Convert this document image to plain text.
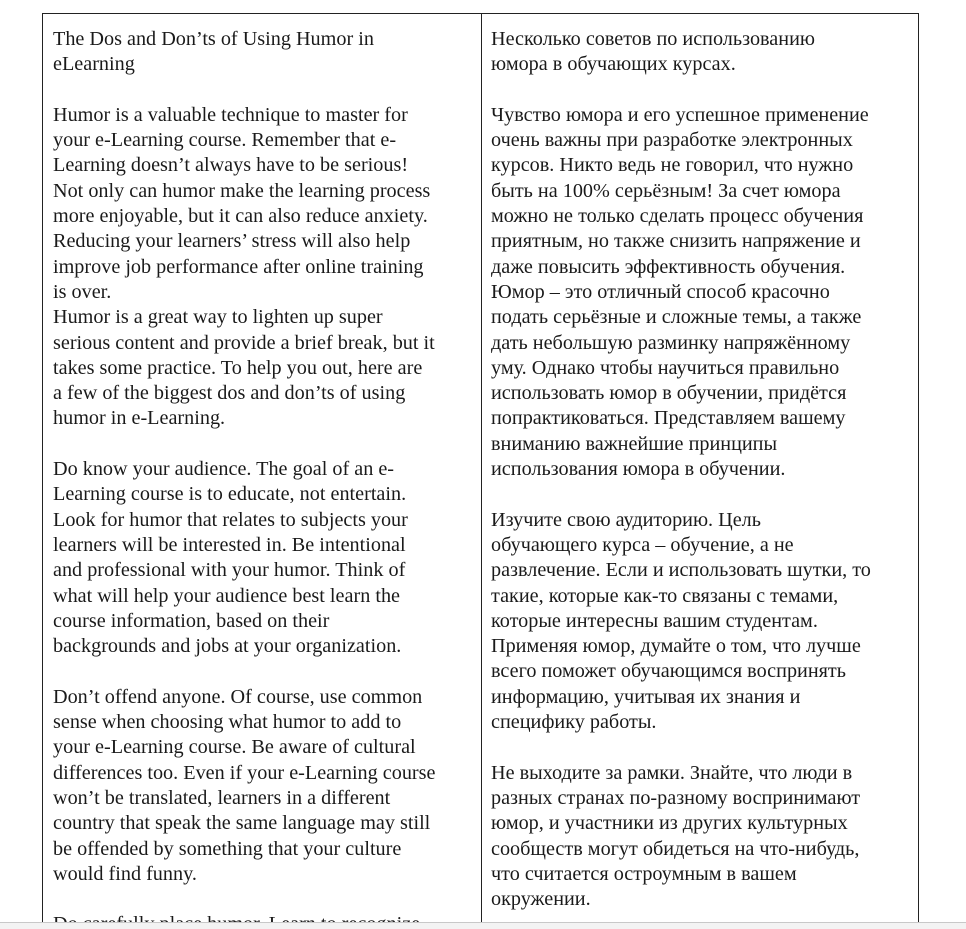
The Dos and Don’ts of Using Humor in
eLearning
Humor is a valuable technique to master for
your e-Learning course. Remember that e-
Learning doesn’t always have to be serious!
Not only can humor make the learning process
more enjoyable, but it can also reduce anxiety.
Reducing your learners’ stress will also help
improve job performance after online training
is over.
Humor is a great way to lighten up super
serious content and provide a brief break, but it
takes some practice. To help you out, here are
a few of the biggest dos and don’ts of using
humor in e-Learning.
Do know your audience. The goal of an e-
Learning course is to educate, not entertain.
Look for humor that relates to subjects your
learners will be interested in. Be intentional
and professional with your humor. Think of
what will help your audience best learn the
course information, based on their
backgrounds and jobs at your organization.
Don’t offend anyone. Of course, use common
sense when choosing what humor to add to
your e-Learning course. Be aware of cultural
differences too. Even if your e-Learning course
won’t be translated, learners in a different
country that speak the same language may still
be offended by something that your culture
would find funny.
Несколько советов по использованию
юмора в обучающих курсах.
Чувство юмора и его успешное применение
очень важны при разработке электронных
курсов. Никто ведь не говорил, что нужно
быть на 100% серьёзным! За счет юмора
можно не только сделать процесс обучения
приятным, но также снизить напряжение и
даже повысить эффективность обучения.
Юмор – это отличный способ красочно
подать серьёзные и сложные темы, а также
дать небольшую разминку напряжённому
уму. Однако чтобы научиться правильно
использовать юмор в обучении, придётся
попрактиковаться. Представляем вашему
вниманию важнейшие принципы
использования юмора в обучении.
Изучите свою аудиторию. Цель
обучающего курса – обучение, а не
развлечение. Если и использовать шутки, то
такие, которые как-то связаны с темами,
которые интересны вашим студентам.
Применяя юмор, думайте о том, что лучше
всего поможет обучающимся воспринять
информацию, учитывая их знания и
специфику работы.
Не выходите за рамки. Знайте, что люди в
разных странах по-разному воспринимают
юмор, и участники из других культурных
сообществ могут обидеться на что-нибудь,
что считается остроумным в вашем
окружении.
